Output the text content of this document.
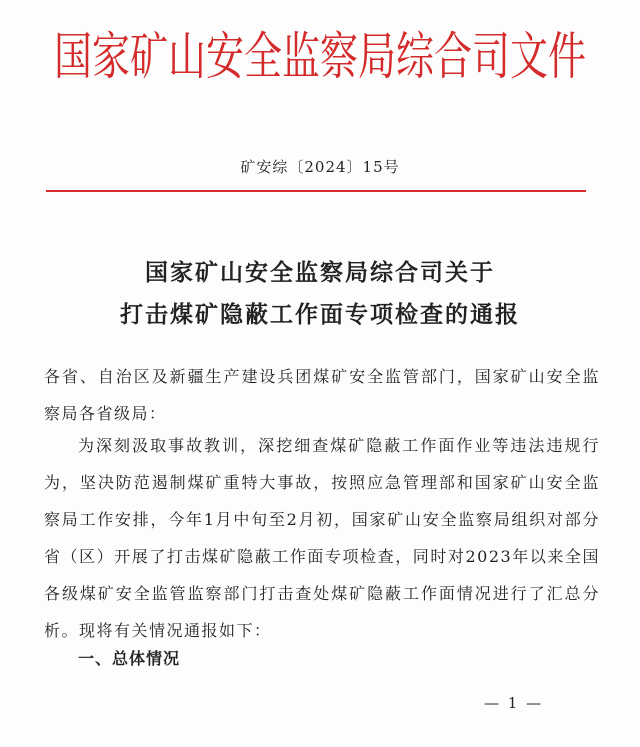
国家矿山安全监察局综合司文件
矿安综〔2024〕15号
国家矿山安全监察局综合司关于
打击煤矿隐蔽工作面专项检查的通报
各省、自治区及新疆生产建设兵团煤矿安全监管部门，国家矿山安全监察局各省级局：
为深刻汲取事故教训，深挖细查煤矿隐蔽工作面作业等违法违规行为，坚决防范遏制煤矿重特大事故，按照应急管理部和国家矿山安全监察局工作安排，今年1月中旬至2月初，国家矿山安全监察局组织对部分省（区）开展了打击煤矿隐蔽工作面专项检查，同时对2023年以来全国各级煤矿安全监管监察部门打击查处煤矿隐蔽工作面情况进行了汇总分析。现将有关情况通报如下：
一、总体情况
— 1 —
